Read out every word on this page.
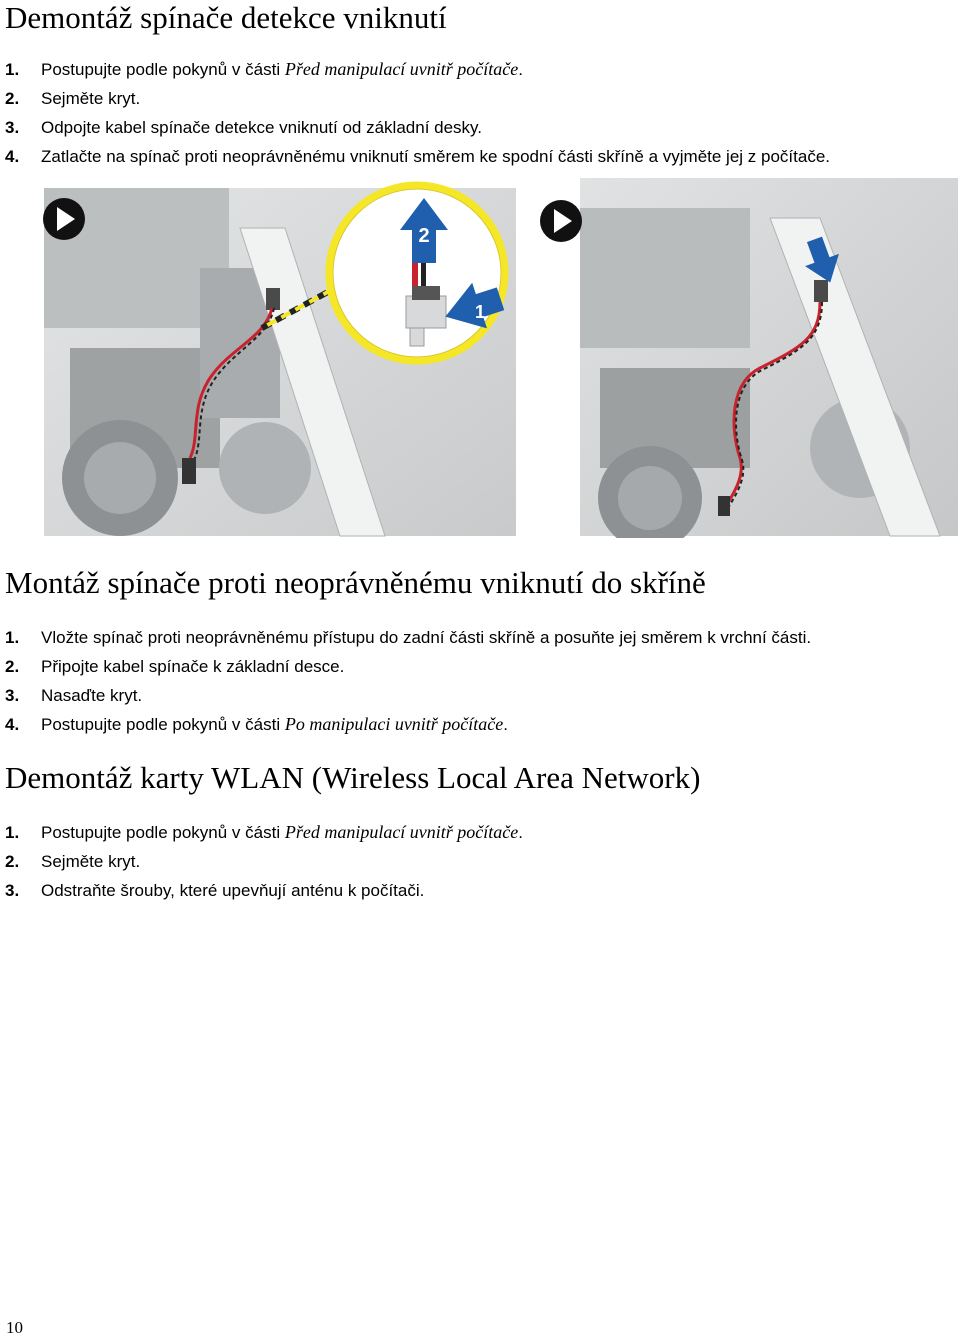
Demontáž spínače detekce vniknutí
1. Postupujte podle pokynů v části Před manipulací uvnitř počítače.
2. Sejměte kryt.
3. Odpojte kabel spínače detekce vniknutí od základní desky.
4. Zatlačte na spínač proti neoprávněnému vniknutí směrem ke spodní části skříně a vyjměte jej z počítače.
2
1
Montáž spínače proti neoprávněnému vniknutí do skříně
1. Vložte spínač proti neoprávněnému přístupu do zadní části skříně a posuňte jej směrem k vrchní části.
2. Připojte kabel spínače k základní desce.
3. Nasaďte kryt.
4. Postupujte podle pokynů v části Po manipulaci uvnitř počítače.
Demontáž karty WLAN (Wireless Local Area Network)
1. Postupujte podle pokynů v části Před manipulací uvnitř počítače.
2. Sejměte kryt.
3. Odstraňte šrouby, které upevňují anténu k počítači.
10
